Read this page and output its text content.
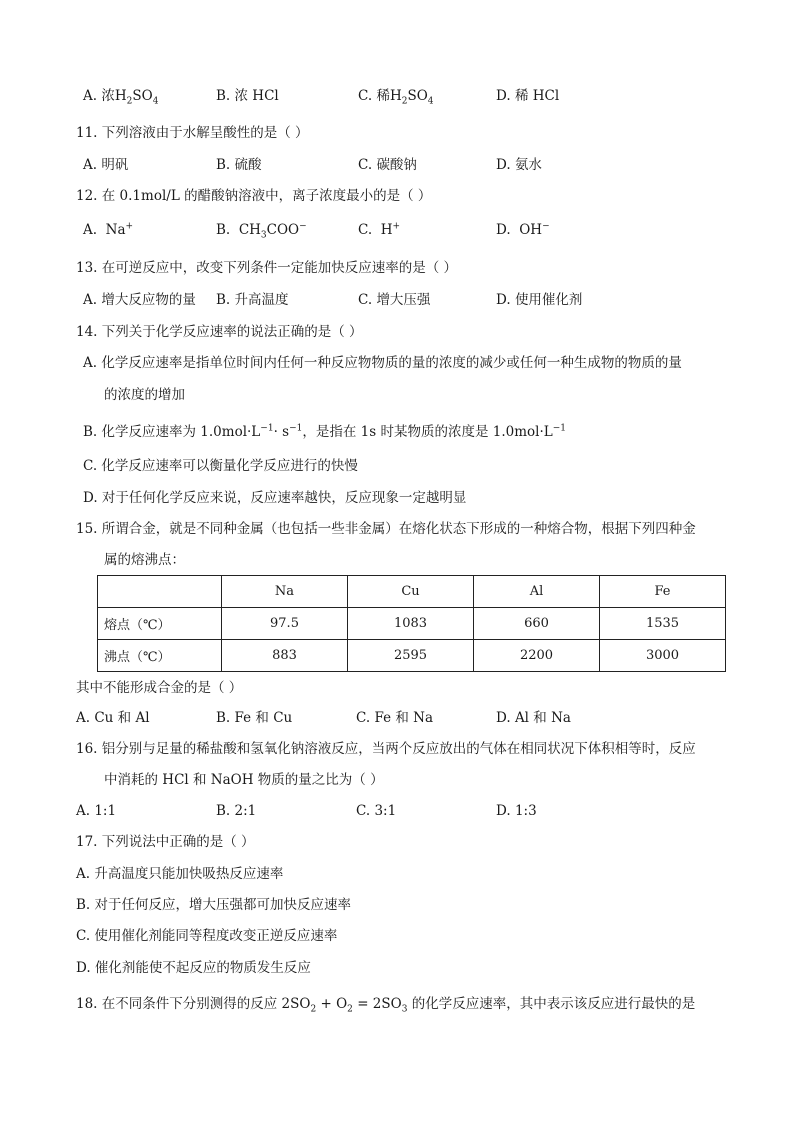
A. 浓$H_2SO_4$	B. 浓 HCl	C. 稀$H_2SO_4$	D. 稀 HCl
11. 下列溶液由于水解呈酸性的是（ ）
A. 明矾	B. 硫酸	C. 碳酸钠	D. 氨水
12. 在 0.1mol/L 的醋酸钠溶液中，离子浓度最小的是（ ）
A. Na+	B. $CH_3COO^-$	C. H+	D. OH−
13. 在可逆反应中，改变下列条件一定能加快反应速率的是（ ）
A. 增大反应物的量 B. 升高温度	C. 增大压强	D. 使用催化剂
14. 下列关于化学反应速率的说法正确的是（ ）
A. 化学反应速率是指单位时间内任何一种反应物物质的量的浓度的减少或任何一种生成物的物质的量
的浓度的增加
B. 化学反应速率为 $1.0mol\cdot L^{-1}\cdot s^{-1}$，是指在 1s 时某物质的浓度是 $1.0mol\cdot L^{-1}$
C. 化学反应速率可以衡量化学反应进行的快慢
D. 对于任何化学反应来说，反应速率越快，反应现象一定越明显
15. 所谓合金，就是不同种金属（也包括一些非金属）在熔化状态下形成的一种熔合物，根据下列四种金
属的熔沸点：
	Na	Cu	Al	Fe
熔点（℃）	97.5	1083	660	1535
沸点（℃）	883	2595	2200	3000
其中不能形成合金的是（ ）
A. Cu 和 Al	B. Fe 和 Cu	C. Fe 和 Na	D. Al 和 Na
16. 铝分别与足量的稀盐酸和氢氧化钠溶液反应，当两个反应放出的气体在相同状况下体积相等时，反应
中消耗的 HCl 和 NaOH 物质的量之比为（ ）
A. 1:1	B. 2:1	C. 3:1	D. 1:3
17. 下列说法中正确的是（ ）
A. 升高温度只能加快吸热反应速率
B. 对于任何反应，增大压强都可加快反应速率
C. 使用催化剂能同等程度改变正逆反应速率
D. 催化剂能使不起反应的物质发生反应
18. 在不同条件下分别测得的反应 $2SO_2 + O_2 = 2SO_3$ 的化学反应速率，其中表示该反应进行最快的是
